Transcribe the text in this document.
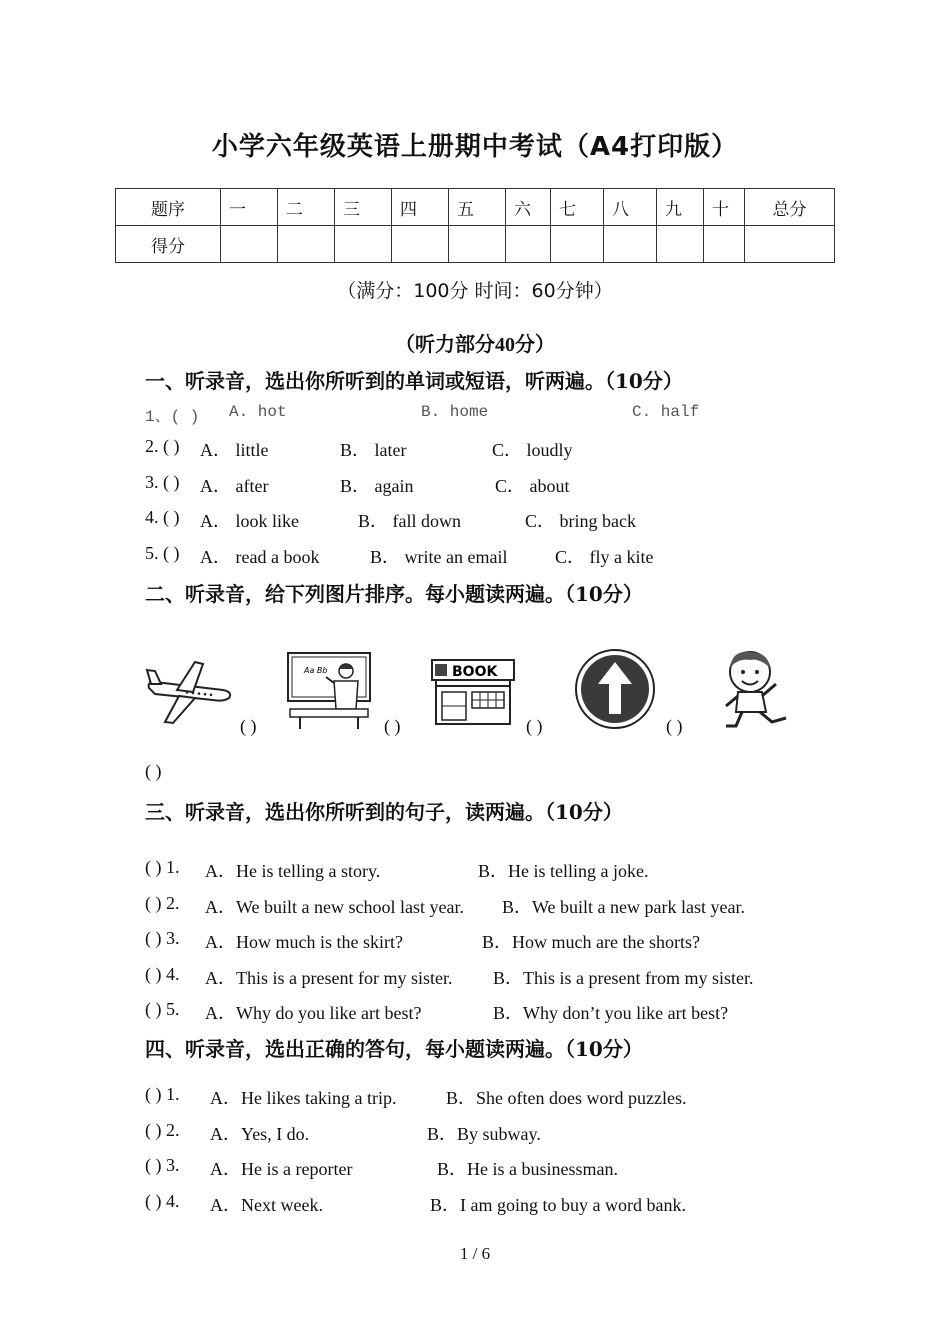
小学六年级英语上册期中考试（A4打印版）
题序	一	二	三	四	五	六	七	八	九	十	总分
得分											
（满分：100分 时间：60分钟）
（听力部分40分）
一、听录音，选出你所听到的单词或短语，听两遍。（10分）
1、( ) A. hot	B. home	C. half
2. ( ) A． little	B． later	C． loudly
3. ( ) A． after	B． again	C． about
4. ( ) A． look like	B． fall down	C． bring back
5. ( ) A． read a book	B． write an email	C． fly a kite
二、听录音，给下列图片排序。每小题读两遍。（10分）
( )
Aa Bb
( )
BOOK
( )	( )
( )
三、听录音，选出你所听到的句子，读两遍。（10分）
( ) 1. A．He is telling a story.	B．He is telling a joke.
( ) 2. A．We built a new school last year. B．We built a new park last year.
( ) 3. A．How much is the skirt?	B．How much are the shorts?
( ) 4. A．This is a present for my sister. B．This is a present from my sister.
( ) 5. A．Why do you like art best?	B．Why don’t you like art best?
四、听录音，选出正确的答句，每小题读两遍。（10分）
( ) 1. A．He likes taking a trip.	B．She often does word puzzles.
( ) 2. A．Yes, I do.	B．By subway.
( ) 3. A．He is a reporter	B．He is a businessman.
( ) 4. A．Next week.	B．I am going to buy a word bank.
1 / 6
